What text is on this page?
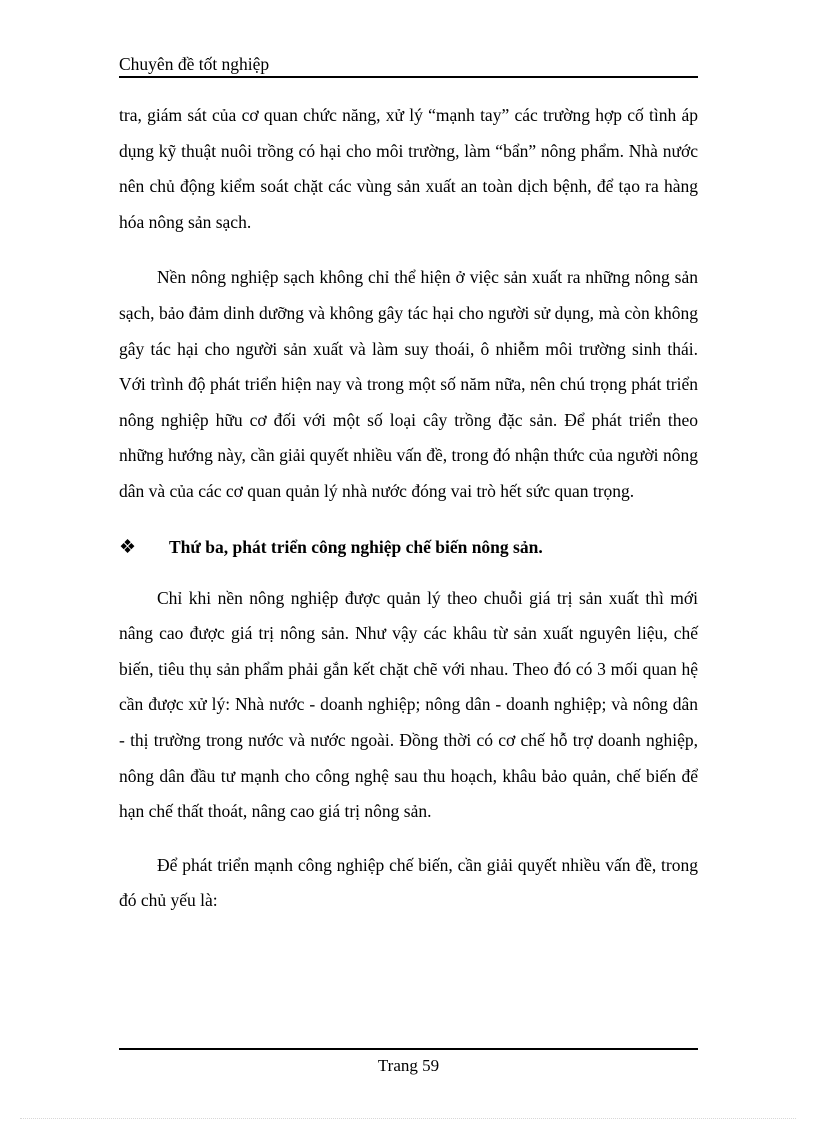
Chuyên đề tốt nghiệp

tra, giám sát của cơ quan chức năng, xử lý “mạnh tay” các trường hợp cố tình áp dụng kỹ thuật nuôi trồng có hại cho môi trường, làm “bẩn” nông phẩm. Nhà nước nên chủ động kiểm soát chặt các vùng sản xuất an toàn dịch bệnh, để tạo ra hàng hóa nông sản sạch.

Nền nông nghiệp sạch không chỉ thể hiện ở việc sản xuất ra những nông sản sạch, bảo đảm dinh dưỡng và không gây tác hại cho người sử dụng, mà còn không gây tác hại cho người sản xuất và làm suy thoái, ô nhiễm môi trường sinh thái. Với trình độ phát triển hiện nay và trong một số năm nữa, nên chú trọng phát triển nông nghiệp hữu cơ đối với một số loại cây trồng đặc sản. Để phát triển theo những hướng này, cần giải quyết nhiều vấn đề, trong đó nhận thức của người nông dân và của các cơ quan quản lý nhà nước đóng vai trò hết sức quan trọng.

❖ Thứ ba, phát triển công nghiệp chế biến nông sản.

Chỉ khi nền nông nghiệp được quản lý theo chuỗi giá trị sản xuất thì mới nâng cao được giá trị nông sản. Như vậy các khâu từ sản xuất nguyên liệu, chế biến, tiêu thụ sản phẩm phải gắn kết chặt chẽ với nhau. Theo đó có 3 mối quan hệ cần được xử lý: Nhà nước - doanh nghiệp; nông dân - doanh nghiệp; và nông dân - thị trường trong nước và nước ngoài. Đồng thời có cơ chế hỗ trợ doanh nghiệp, nông dân đầu tư mạnh cho công nghệ sau thu hoạch, khâu bảo quản, chế biến để hạn chế thất thoát, nâng cao giá trị nông sản.

Để phát triển mạnh công nghiệp chế biến, cần giải quyết nhiều vấn đề, trong đó chủ yếu là:

Trang 59
